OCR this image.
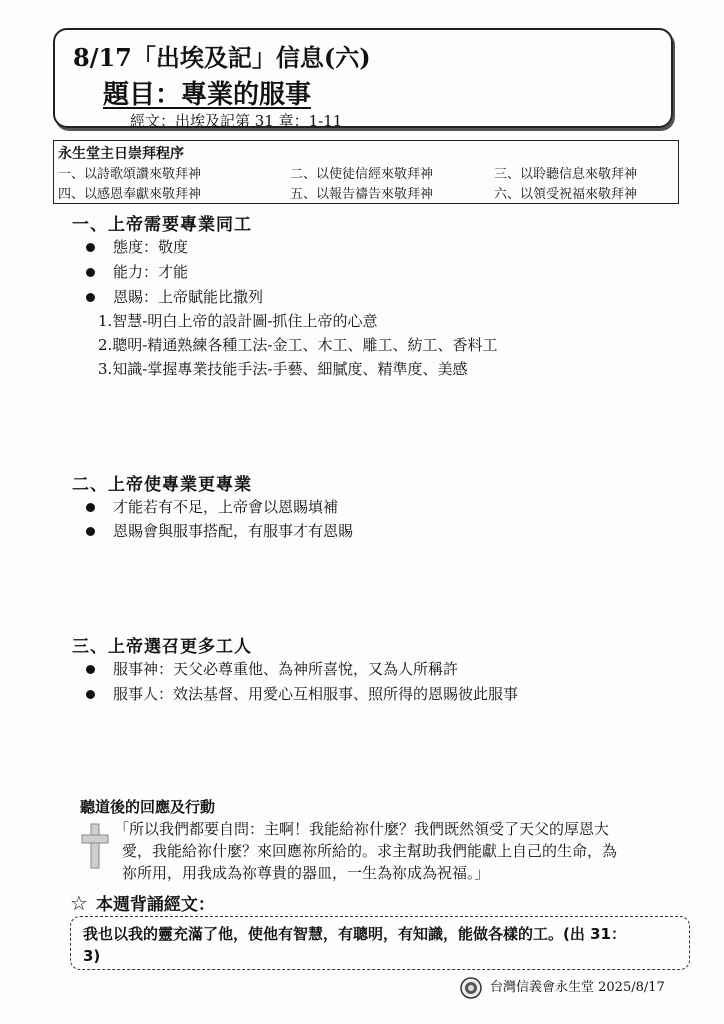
8/17「出埃及記」信息(六)
題目：專業的服事
經文：出埃及記第 31 章：1-11
永生堂主日崇拜程序
一、以詩歌頌讚來敬拜神	二、以使徒信經來敬拜神	三、以聆聽信息來敬拜神
四、以感恩奉獻來敬拜神	五、以報告禱告來敬拜神	六、以領受祝福來敬拜神
一、上帝需要專業同工
態度：敬度
能力：才能
恩賜：上帝賦能比撒列
1.智慧-明白上帝的設計圖-抓住上帝的心意
2.聰明-精通熟練各種工法-金工、木工、雕工、紡工、香料工
3.知識-掌握專業技能手法-手藝、細膩度、精準度、美感
二、上帝使專業更專業
才能若有不足，上帝會以恩賜填補
恩賜會與服事搭配，有服事才有恩賜
三、上帝選召更多工人
服事神：天父必尊重他、為神所喜悅，又為人所稱許
服事人：效法基督、用愛心互相服事、照所得的恩賜彼此服事
聽道後的回應及行動
「所以我們都要自問：主啊！我能給祢什麼？我們既然領受了天父的厚恩大
愛，我能給祢什麼？來回應祢所給的。求主幫助我們能獻上自己的生命，為
祢所用，用我成為祢尊貴的器皿，一生為祢成為祝福。」
☆ 本週背誦經文：
我也以我的靈充滿了他，使他有智慧，有聰明，有知識，能做各樣的工。(出 31：
3)
台灣信義會永生堂 2025/8/17
